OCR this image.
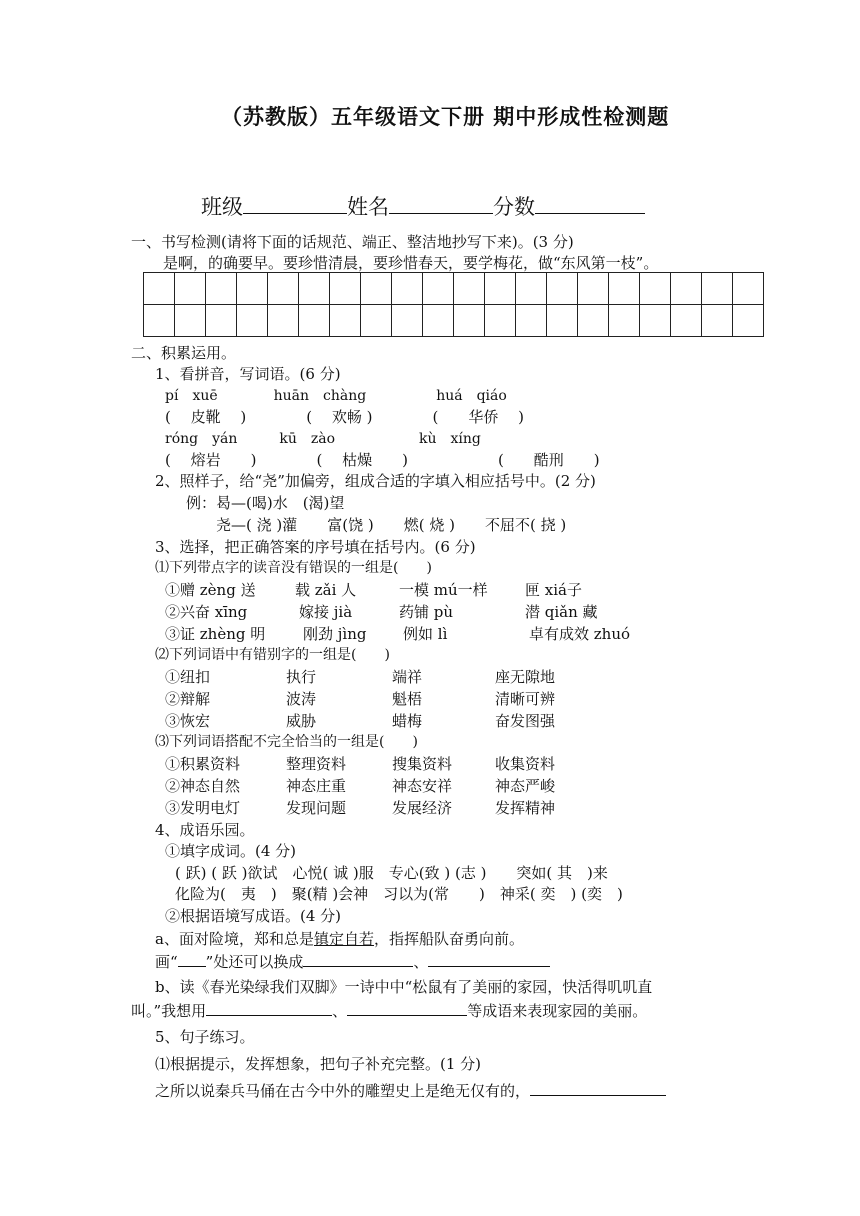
（苏教版）五年级语文下册 期中形成性检测题
班级	姓名	分数
一、书写检测(请将下面的话规范、端正、整洁地抄写下来)。(3 分)
是啊，的确要早。要珍惜清晨，要珍惜春天，要学梅花，做“东风第一枝”。

二、积累运用。
1、看拼音，写词语。(6 分)
pí　xuē　　　　huān　chàng　　　　　huá　qiáo
(　 皮靴　 )　　　　(　 欢畅 )　　　　(　　华侨　 )
róng　yán　　　kū　zào　　　　　　kù　xíng
(　 熔岩　　)　　　　(　 枯燥　　)　　　　　　(　　酷刑　　)
2、照样子，给“尧”加偏旁，组成合适的字填入相应括号中。(2 分)
例：曷—(喝)水　(渴)望
尧—( 浇 )灌　　富(饶 )　　燃( 烧 )　　不屈不( 挠 )
3、选择，把正确答案的序号填在括号内。(6 分)
⑴下列带点字的读音没有错误的一组是(　　)
①赠 zèng 送	载 zǎi 人	一模 mú一样 匣 xiá子
②兴奋 xīng	嫁接 jià	药铺 pù	潜 qiǎn 藏
③证 zhèng 明	刚劲 jìng 例如 lì	卓有成效 zhuó
⑵下列词语中有错别字的一组是(　　)
①纽扣	执行	端祥	座无隙地
②辩解	波涛	魁梧	清晰可辨
③恢宏	威胁	蜡梅	奋发图强
⑶下列词语搭配不完全恰当的一组是(　　)
①积累资料	整理资料	搜集资料	收集资料
②神态自然	神态庄重	神态安祥	神态严峻
③发明电灯	发现问题	发展经济	发挥精神
4、成语乐园。
①填字成词。(4 分)
( 跃) ( 跃 )欲试　心悦( 诚 )服　专心(致 ) (志 )　　突如( 其　)来
化险为(　夷　)　聚(精 )会神　习以为(常　　)　神采( 奕　) (奕　)
②根据语境写成语。(4 分)
a、面对险境，郑和总是镇定自若，指挥船队奋勇向前。
画“ ”处还可以换成	、
b、读《春光染绿我们双脚》一诗中中“松鼠有了美丽的家园，快活得叽叽直
叫。”我想用	、	等成语来表现家园的美丽。
5、句子练习。
⑴根据提示，发挥想象，把句子补充完整。(1 分)
之所以说秦兵马俑在古今中外的雕塑史上是绝无仅有的，
